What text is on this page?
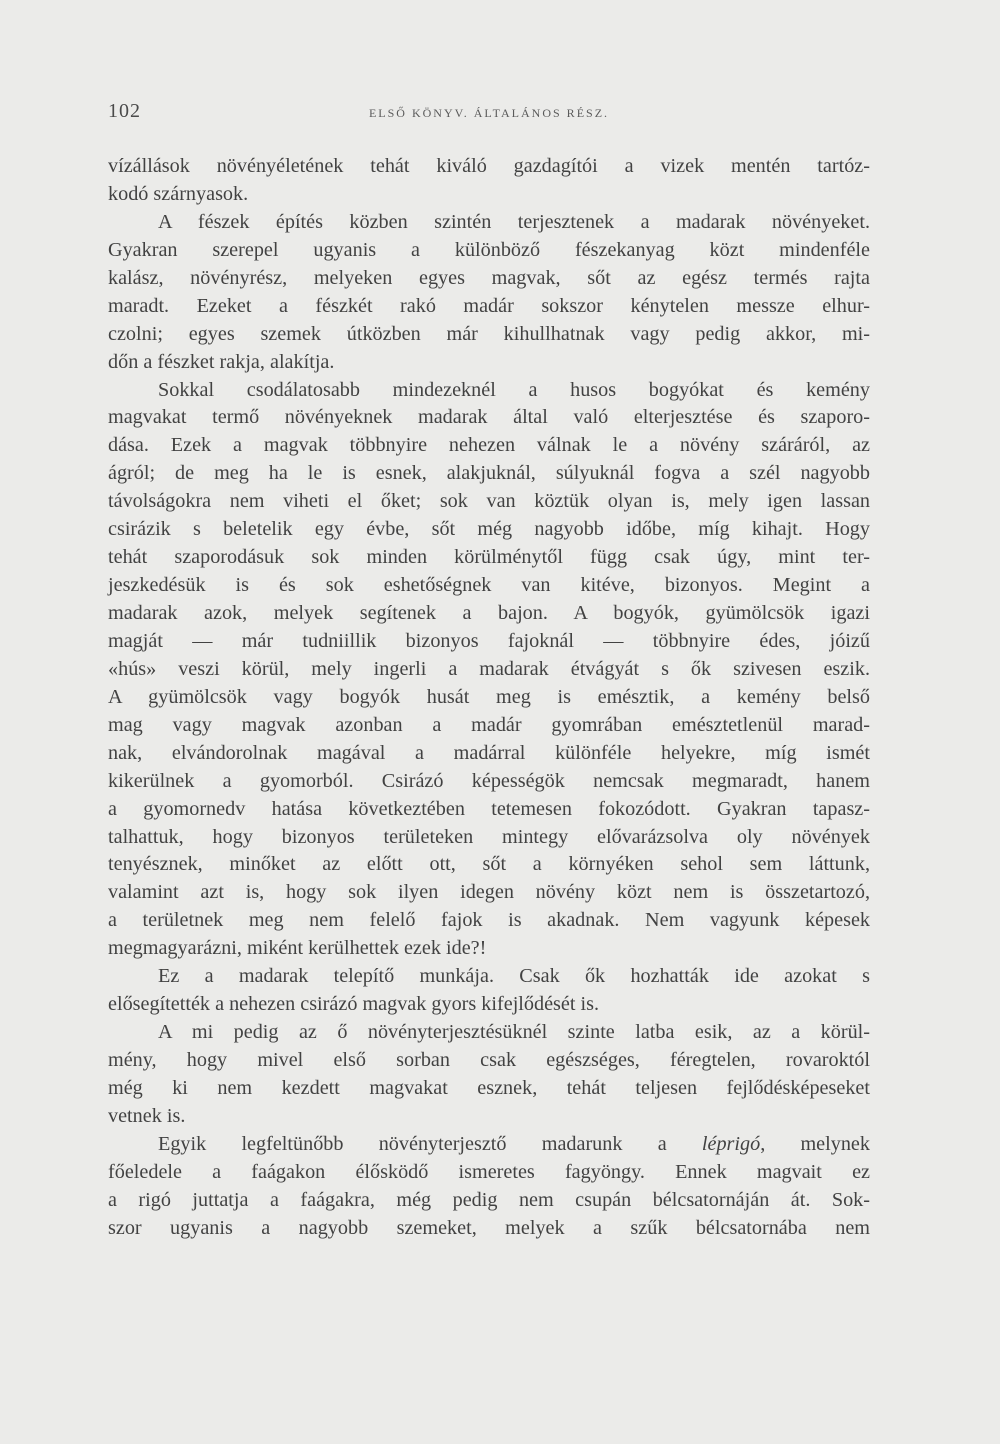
102	ELSŐ KÖNYV. ÁLTALÁNOS RÉSZ.
vízállások növényéletének tehát kiváló gazdagítói a vizek mentén tartóz-
kodó szárnyasok.
A fészek építés közben szintén terjesztenek a madarak növényeket.
Gyakran szerepel ugyanis a különböző fészekanyag közt mindenféle
kalász, növényrész, melyeken egyes magvak, sőt az egész termés rajta
maradt. Ezeket a fészkét rakó madár sokszor kénytelen messze elhur-
czolni; egyes szemek útközben már kihullhatnak vagy pedig akkor, mi-
dőn a fészket rakja, alakítja.
Sokkal csodálatosabb mindezeknél a husos bogyókat és kemény
magvakat termő növényeknek madarak által való elterjesztése és szaporo-
dása. Ezek a magvak többnyire nehezen válnak le a növény száráról, az
ágról; de meg ha le is esnek, alakjuknál, súlyuknál fogva a szél nagyobb
távolságokra nem viheti el őket; sok van köztük olyan is, mely igen lassan
csirázik s beletelik egy évbe, sőt még nagyobb időbe, míg kihajt. Hogy
tehát szaporodásuk sok minden körülménytől függ csak úgy, mint ter-
jeszkedésük is és sok eshetőségnek van kitéve, bizonyos. Megint a
madarak azok, melyek segítenek a bajon. A bogyók, gyümölcsök igazi
magját — már tudniillik bizonyos fajoknál — többnyire édes, jóizű
«hús» veszi körül, mely ingerli a madarak étvágyát s ők szivesen eszik.
A gyümölcsök vagy bogyók husát meg is emésztik, a kemény belső
mag vagy magvak azonban a madár gyomrában emésztetlenül marad-
nak, elvándorolnak magával a madárral különféle helyekre, míg ismét
kikerülnek a gyomorból. Csirázó képességök nemcsak megmaradt, hanem
a gyomornedv hatása következtében tetemesen fokozódott. Gyakran tapasz-
talhattuk, hogy bizonyos területeken mintegy elővarázsolva oly növények
tenyésznek, minőket az előtt ott, sőt a környéken sehol sem láttunk,
valamint azt is, hogy sok ilyen idegen növény közt nem is összetartozó,
a területnek meg nem felelő fajok is akadnak. Nem vagyunk képesek
megmagyarázni, miként kerülhettek ezek ide?!
Ez a madarak telepítő munkája. Csak ők hozhatták ide azokat s
elősegítették a nehezen csirázó magvak gyors kifejlődését is.
A mi pedig az ő növényterjesztésüknél szinte latba esik, az a körül-
mény, hogy mivel első sorban csak egészséges, féregtelen, rovaroktól
még ki nem kezdett magvakat esznek, tehát teljesen fejlődésképeseket
vetnek is.
Egyik legfeltünőbb növényterjesztő madarunk a léprigó, melynek
főeledele a faágakon élősködő ismeretes fagyöngy. Ennek magvait ez
a rigó juttatja a faágakra, még pedig nem csupán bélcsatornáján át. Sok-
szor ugyanis a nagyobb szemeket, melyek a szűk bélcsatornába nem
